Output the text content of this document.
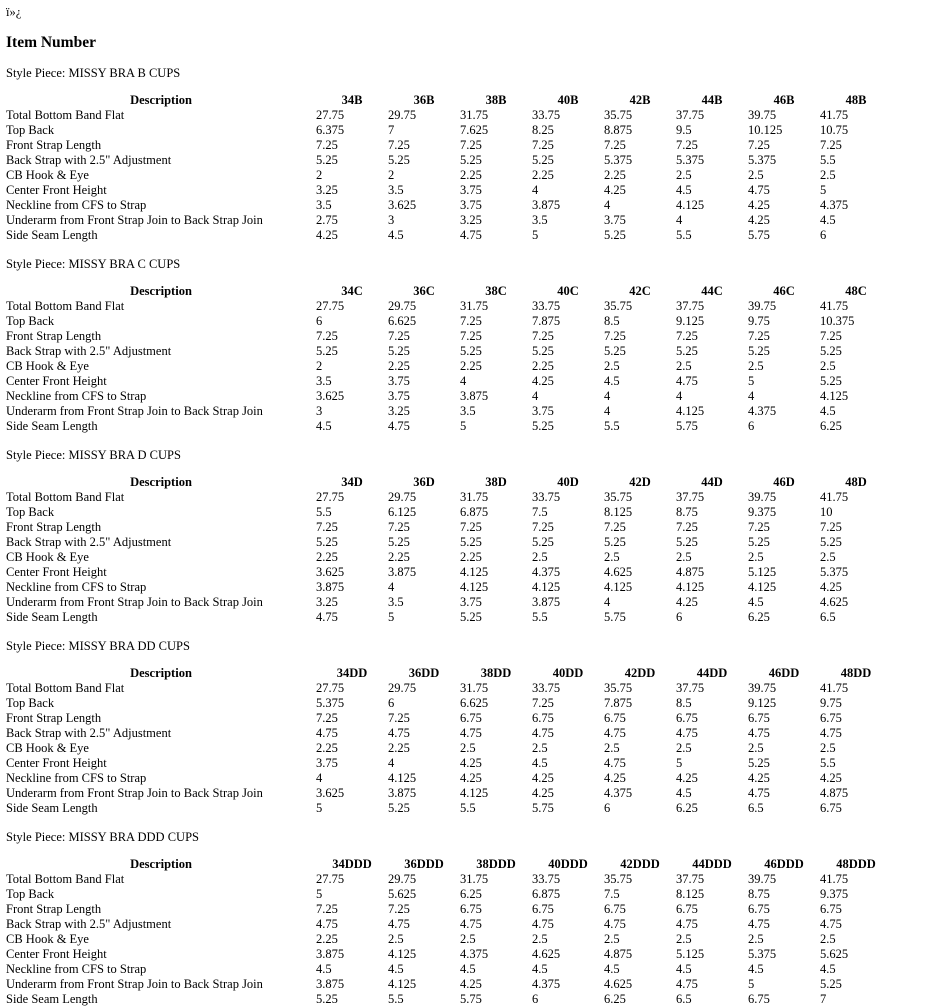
ï»¿
Item Number

Style Piece: MISSY BRA B CUPS

Description	34B	36B	38B	40B	42B	44B	46B	48B
Total Bottom Band Flat	27.75	29.75	31.75	33.75	35.75	37.75	39.75	41.75
Top Back	6.375	7	7.625	8.25	8.875	9.5	10.125	10.75
Front Strap Length	7.25	7.25	7.25	7.25	7.25	7.25	7.25	7.25
Back Strap with 2.5" Adjustment	5.25	5.25	5.25	5.25	5.375	5.375	5.375	5.5
CB Hook & Eye	2	2	2.25	2.25	2.25	2.5	2.5	2.5
Center Front Height	3.25	3.5	3.75	4	4.25	4.5	4.75	5
Neckline from CFS to Strap	3.5	3.625	3.75	3.875	4	4.125	4.25	4.375
Underarm from Front Strap Join to Back Strap Join	2.75	3	3.25	3.5	3.75	4	4.25	4.5
Side Seam Length	4.25	4.5	4.75	5	5.25	5.5	5.75	6

Style Piece: MISSY BRA C CUPS

Description	34C	36C	38C	40C	42C	44C	46C	48C
Total Bottom Band Flat	27.75	29.75	31.75	33.75	35.75	37.75	39.75	41.75
Top Back	6	6.625	7.25	7.875	8.5	9.125	9.75	10.375
Front Strap Length	7.25	7.25	7.25	7.25	7.25	7.25	7.25	7.25
Back Strap with 2.5" Adjustment	5.25	5.25	5.25	5.25	5.25	5.25	5.25	5.25
CB Hook & Eye	2	2.25	2.25	2.25	2.5	2.5	2.5	2.5
Center Front Height	3.5	3.75	4	4.25	4.5	4.75	5	5.25
Neckline from CFS to Strap	3.625	3.75	3.875	4	4	4	4	4.125
Underarm from Front Strap Join to Back Strap Join	3	3.25	3.5	3.75	4	4.125	4.375	4.5
Side Seam Length	4.5	4.75	5	5.25	5.5	5.75	6	6.25

Style Piece: MISSY BRA D CUPS

Description	34D	36D	38D	40D	42D	44D	46D	48D
Total Bottom Band Flat	27.75	29.75	31.75	33.75	35.75	37.75	39.75	41.75
Top Back	5.5	6.125	6.875	7.5	8.125	8.75	9.375	10
Front Strap Length	7.25	7.25	7.25	7.25	7.25	7.25	7.25	7.25
Back Strap with 2.5" Adjustment	5.25	5.25	5.25	5.25	5.25	5.25	5.25	5.25
CB Hook & Eye	2.25	2.25	2.25	2.5	2.5	2.5	2.5	2.5
Center Front Height	3.625	3.875	4.125	4.375	4.625	4.875	5.125	5.375
Neckline from CFS to Strap	3.875	4	4.125	4.125	4.125	4.125	4.125	4.25
Underarm from Front Strap Join to Back Strap Join	3.25	3.5	3.75	3.875	4	4.25	4.5	4.625
Side Seam Length	4.75	5	5.25	5.5	5.75	6	6.25	6.5

Style Piece: MISSY BRA DD CUPS

Description	34DD	36DD	38DD	40DD	42DD	44DD	46DD	48DD
Total Bottom Band Flat	27.75	29.75	31.75	33.75	35.75	37.75	39.75	41.75
Top Back	5.375	6	6.625	7.25	7.875	8.5	9.125	9.75
Front Strap Length	7.25	7.25	6.75	6.75	6.75	6.75	6.75	6.75
Back Strap with 2.5" Adjustment	4.75	4.75	4.75	4.75	4.75	4.75	4.75	4.75
CB Hook & Eye	2.25	2.25	2.5	2.5	2.5	2.5	2.5	2.5
Center Front Height	3.75	4	4.25	4.5	4.75	5	5.25	5.5
Neckline from CFS to Strap	4	4.125	4.25	4.25	4.25	4.25	4.25	4.25
Underarm from Front Strap Join to Back Strap Join	3.625	3.875	4.125	4.25	4.375	4.5	4.75	4.875
Side Seam Length	5	5.25	5.5	5.75	6	6.25	6.5	6.75

Style Piece: MISSY BRA DDD CUPS

Description	34DDD	36DDD	38DDD	40DDD	42DDD	44DDD	46DDD	48DDD
Total Bottom Band Flat	27.75	29.75	31.75	33.75	35.75	37.75	39.75	41.75
Top Back	5	5.625	6.25	6.875	7.5	8.125	8.75	9.375
Front Strap Length	7.25	7.25	6.75	6.75	6.75	6.75	6.75	6.75
Back Strap with 2.5" Adjustment	4.75	4.75	4.75	4.75	4.75	4.75	4.75	4.75
CB Hook & Eye	2.25	2.5	2.5	2.5	2.5	2.5	2.5	2.5
Center Front Height	3.875	4.125	4.375	4.625	4.875	5.125	5.375	5.625
Neckline from CFS to Strap	4.5	4.5	4.5	4.5	4.5	4.5	4.5	4.5
Underarm from Front Strap Join to Back Strap Join	3.875	4.125	4.25	4.375	4.625	4.75	5	5.25
Side Seam Length	5.25	5.5	5.75	6	6.25	6.5	6.75	7
